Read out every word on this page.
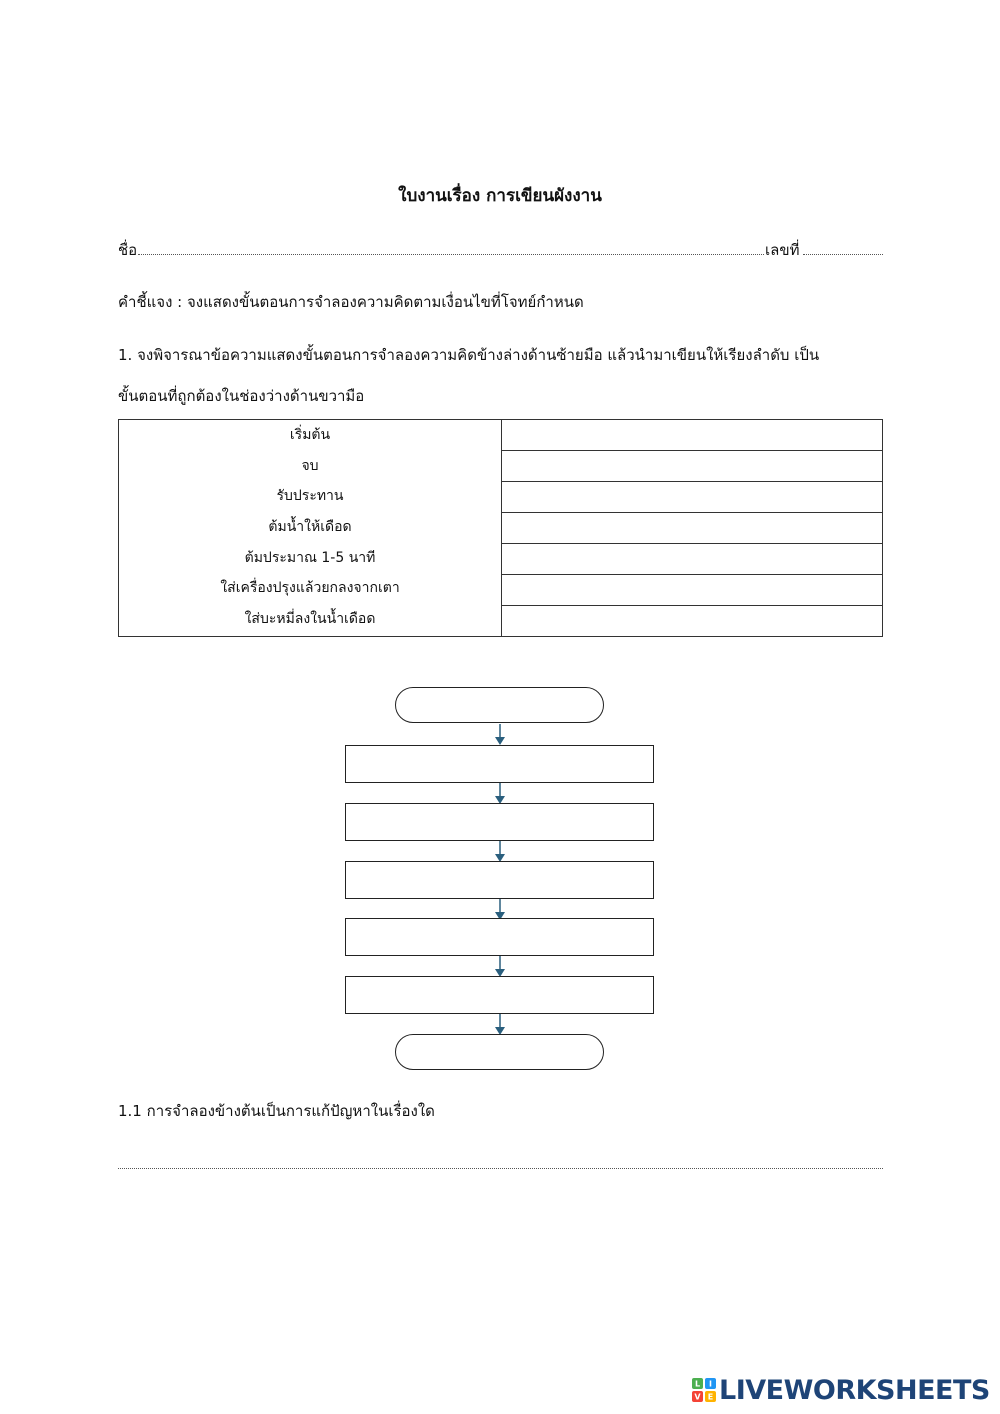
ใบงานเรื่อง การเขียนผังงาน
ชื่อ	เลขที่
คำชี้แจง : จงแสดงขั้นตอนการจำลองความคิดตามเงื่อนไขที่โจทย์กำหนด
1. จงพิจารณาข้อความแสดงขั้นตอนการจำลองความคิดข้างล่างด้านซ้ายมือ แล้วนำมาเขียนให้เรียงลำดับ เป็น
ขั้นตอนที่ถูกต้องในช่องว่างด้านขวามือ
เริ่มต้น
จบ
รับประทาน
ต้มน้ำให้เดือด
ต้มประมาณ 1-5 นาที
ใส่เครื่องปรุงแล้วยกลงจากเตา
ใส่บะหมี่ลงในน้ำเดือด

1.1 การจำลองข้างต้นเป็นการแก้ปัญหาในเรื่องใด
L I
V E LIVEWORKSHEETS
